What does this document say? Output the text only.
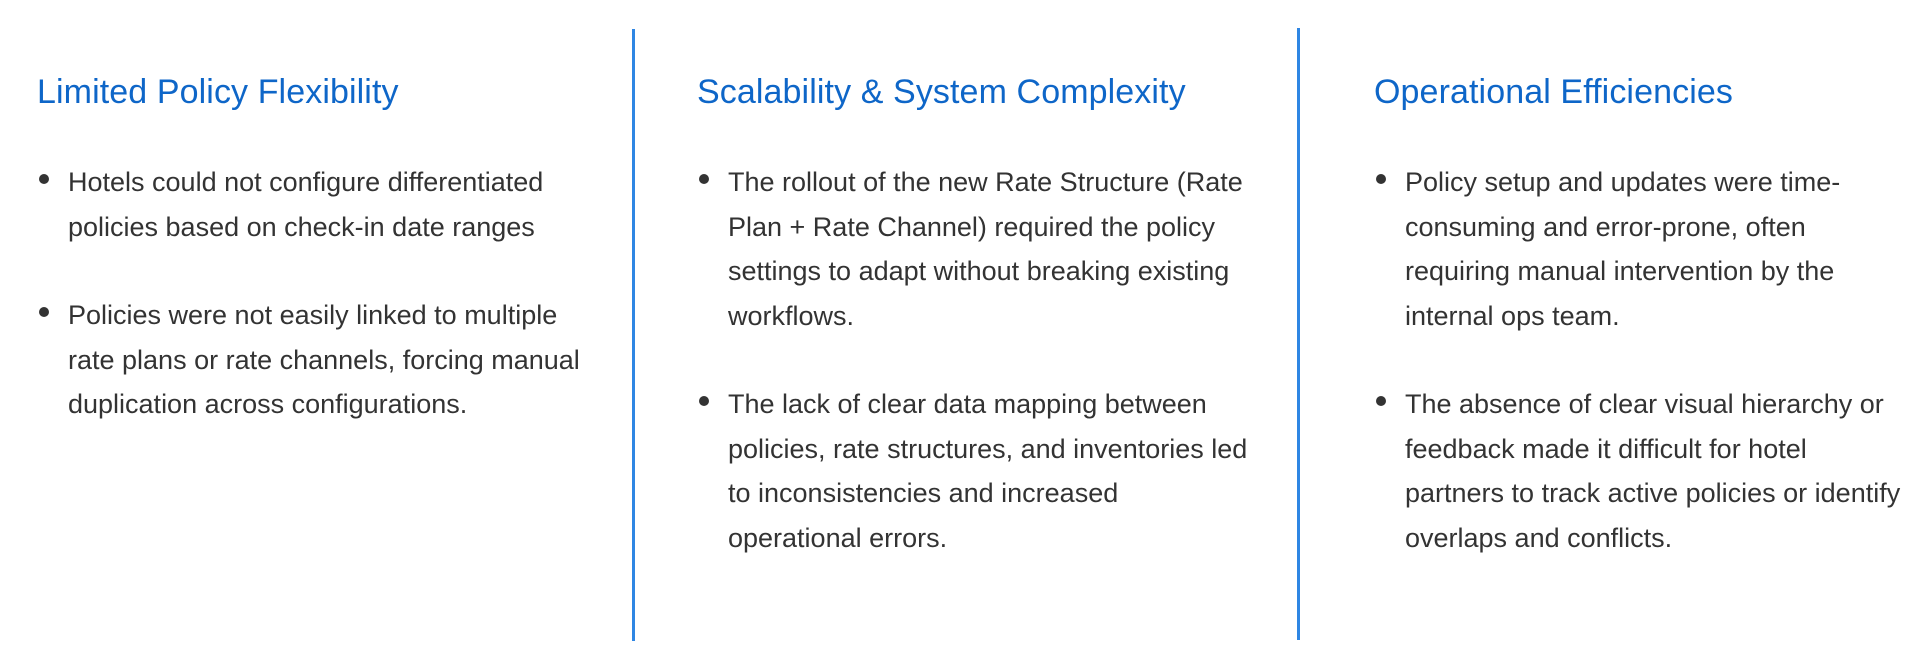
Limited Policy Flexibility
Hotels could not configure differentiated policies based on check-in date ranges
Policies were not easily linked to multiple rate plans or rate channels, forcing manual duplication across configurations.
Scalability & System Complexity
The rollout of the new Rate Structure (Rate Plan + Rate Channel) required the policy settings to adapt without breaking existing workflows.
The lack of clear data mapping between policies, rate structures, and inventories led to inconsistencies and increased operational errors.
Operational Efficiencies
Policy setup and updates were time-consuming and error-prone, often requiring manual intervention by the internal ops team.
The absence of clear visual hierarchy or feedback made it difficult for hotel partners to track active policies or identify overlaps and conflicts.
